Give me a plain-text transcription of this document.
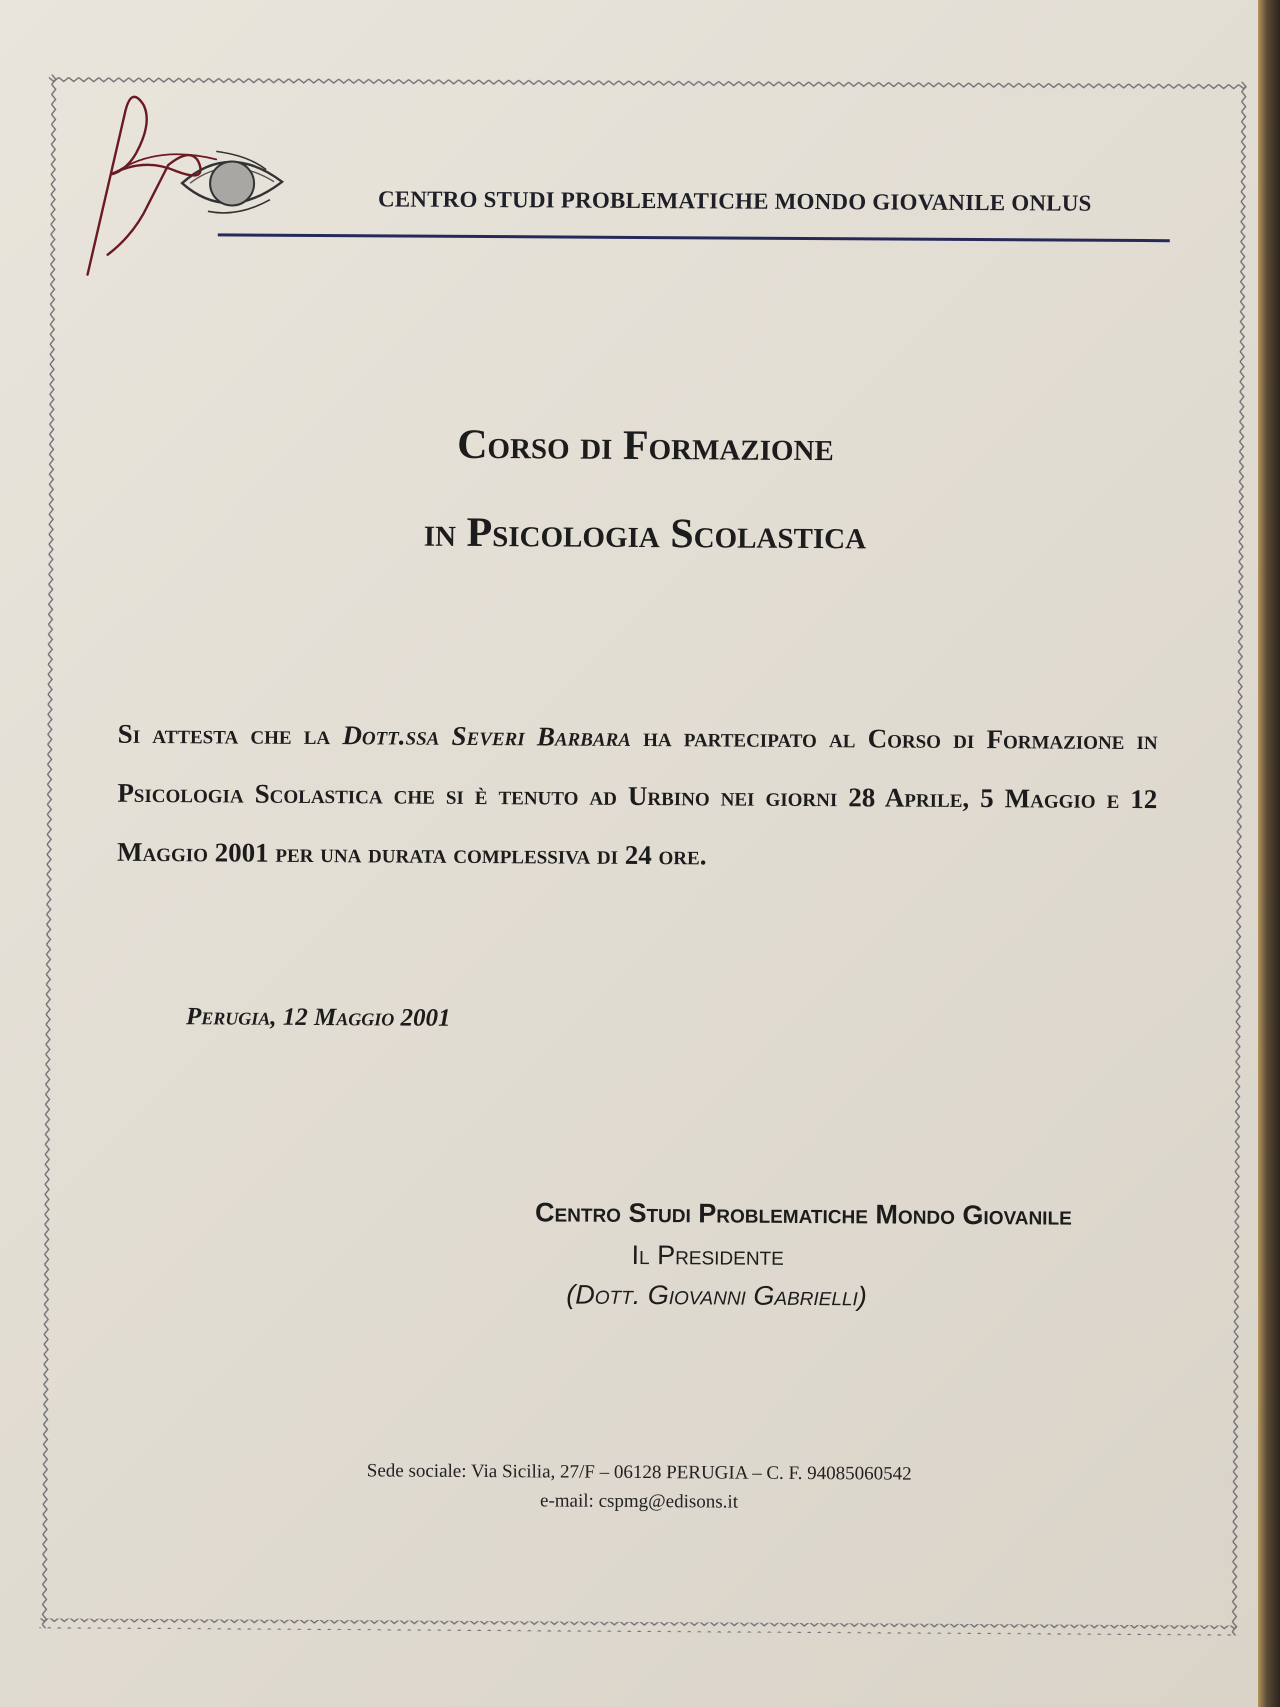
CENTRO STUDI PROBLEMATICHE MONDO GIOVANILE ONLUS
Corso di Formazione
in Psicologia Scolastica
Si attesta che la Dott.ssa Severi Barbara ha partecipato al Corso di Formazione in Psicologia Scolastica che si è tenuto ad Urbino nei giorni 28 Aprile, 5 Maggio e 12 Maggio 2001 per una durata complessiva di 24 ore.
Perugia, 12 Maggio 2001
Centro Studi Problematiche Mondo Giovanile
Il Presidente
(Dott. Giovanni Gabrielli)
Sede sociale: Via Sicilia, 27/F – 06128 PERUGIA – C. F. 94085060542
e-mail: cspmg@edisons.it
